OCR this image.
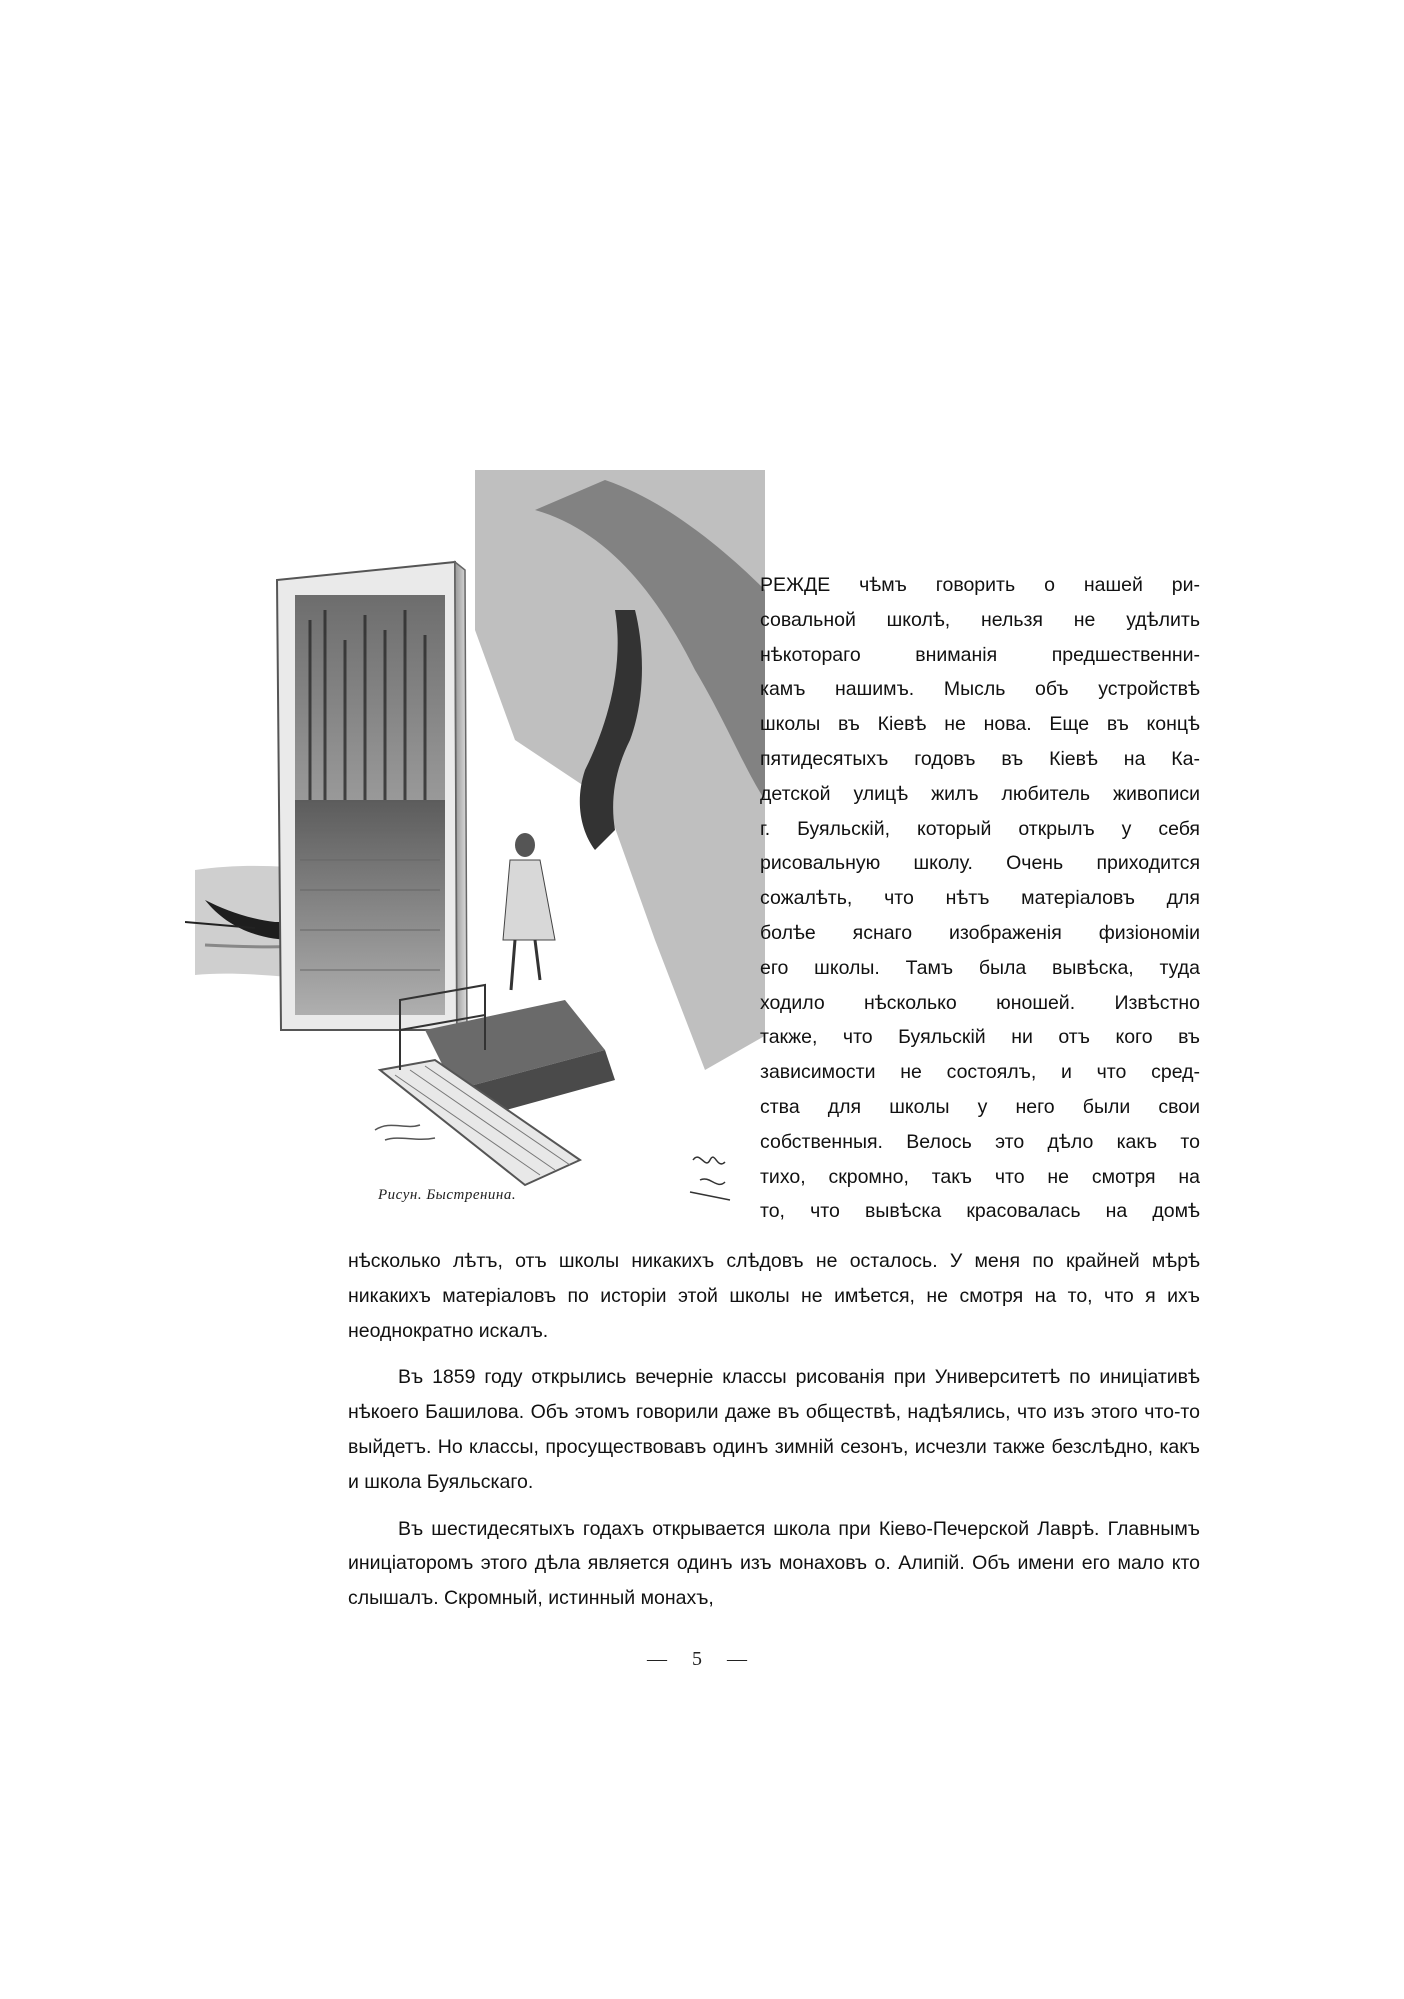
Рисун. Быстренина.

РЕЖДЕ чѣмъ говорить о нашей ри-

совальной школѣ, нельзя не удѣлить

нѣкотораго вниманія предшественни-

камъ нашимъ. Мысль объ устройствѣ

школы въ Кіевѣ не нова. Еще въ концѣ

пятидесятыхъ годовъ въ Кіевѣ на Ка-

детской улицѣ жилъ любитель живописи

г. Буяльскій, который открылъ у себя

рисовальную школу. Очень приходится

сожалѣть, что нѣтъ матеріаловъ для

болѣе яснаго изображенія физіономіи

его школы. Тамъ была вывѣска, туда

ходило нѣсколько юношей. Извѣстно

также, что Буяльскій ни отъ кого въ

зависимости не состоялъ, и что сред-

ства для школы у него были свои

собственныя. Велось это дѣло какъ то

тихо, скромно, такъ что не смотря на

то, что вывѣска красовалась на домѣ

нѣсколько лѣтъ, отъ школы никакихъ слѣдовъ не осталось. У меня по крайней мѣрѣ никакихъ матеріаловъ по исторіи этой школы не имѣется, не смотря на то, что я ихъ неоднократно искалъ.

Въ 1859 году открылись вечерніе классы рисованія при Университетѣ по иниціативѣ нѣкоего Башилова. Объ этомъ говорили даже въ обществѣ, надѣялись, что изъ этого что-то выйдетъ. Но классы, просуществовавъ одинъ зимній сезонъ, исчезли также безслѣдно, какъ и школа Буяльскаго.

Въ шестидесятыхъ годахъ открывается школа при Кіево-Печерской Лаврѣ. Главнымъ иниціаторомъ этого дѣла является одинъ изъ монаховъ о. Алипій. Объ имени его мало кто слышалъ. Скромный, истинный монахъ,

— 5 —
